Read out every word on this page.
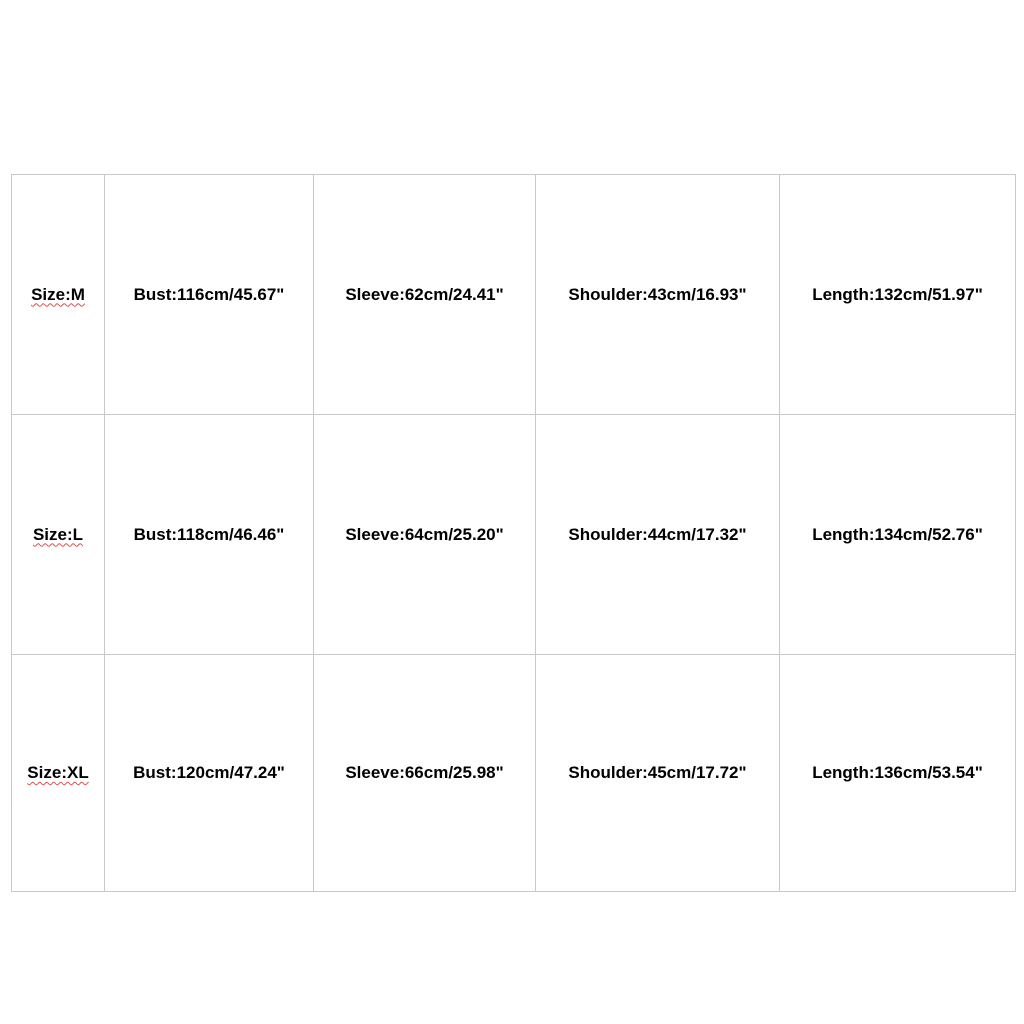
Size:M	Bust:116cm/45.67"	Sleeve:62cm/24.41"	Shoulder:43cm/16.93"	Length:132cm/51.97"
Size:L	Bust:118cm/46.46"	Sleeve:64cm/25.20"	Shoulder:44cm/17.32"	Length:134cm/52.76"
Size:XL	Bust:120cm/47.24"	Sleeve:66cm/25.98"	Shoulder:45cm/17.72"	Length:136cm/53.54"
